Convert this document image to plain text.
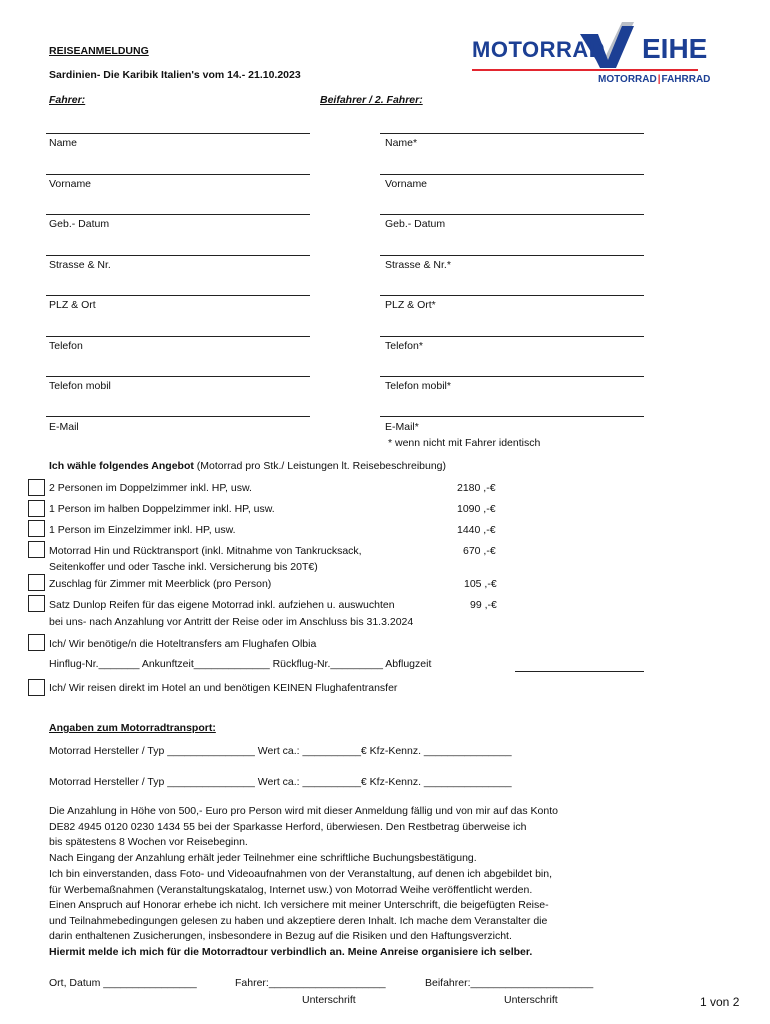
REISEANMELDUNG
Sardinien- Die Karibik Italien's vom 14.- 21.10.2023
Fahrer:	Beifahrer / 2. Fahrer:
MOTORRAD EIHE
MOTORRAD|FAHRRAD
Name
Vorname
Geb.- Datum
Strasse & Nr.
PLZ & Ort
Telefon
Telefon mobil
E-Mail
Name*
Vorname
Geb.- Datum
Strasse & Nr.*
PLZ & Ort*
Telefon*
Telefon mobil*
E-Mail*
* wenn nicht mit Fahrer identisch
Ich wähle folgendes Angebot (Motorrad pro Stk./ Leistungen lt. Reisebeschreibung)
2 Personen im Doppelzimmer inkl. HP, usw.	2180 ,-€
1 Person im halben Doppelzimmer inkl. HP, usw.	1090 ,-€
1 Person im Einzelzimmer inkl. HP, usw.	1440 ,-€
Motorrad Hin und Rücktransport (inkl. Mitnahme von Tankrucksack,	670 ,-€
Seitenkoffer und oder Tasche inkl. Versicherung bis 20T€)
Zuschlag für Zimmer mit Meerblick (pro Person)	105 ,-€
Satz Dunlop Reifen für das eigene Motorrad inkl. aufziehen u. auswuchten	99 ,-€
bei uns- nach Anzahlung vor Antritt der Reise oder im Anschluss bis 31.3.2024
Ich/ Wir benötige/n die Hoteltransfers am Flughafen Olbia
Hinflug-Nr._______ Ankunftzeit_____________ Rückflug-Nr._________ Abflugzeit
Ich/ Wir reisen direkt im Hotel an und benötigen KEINEN Flughafentransfer
Angaben zum Motorradtransport:
Motorrad Hersteller / Typ _______________ Wert ca.: __________€ Kfz-Kennz. _______________
Motorrad Hersteller / Typ _______________ Wert ca.: __________€ Kfz-Kennz. _______________
Die Anzahlung in Höhe von 500,- Euro pro Person wird mit dieser Anmeldung fällig und von mir auf das Konto
DE82 4945 0120 0230 1434 55 bei der Sparkasse Herford, überwiesen. Den Restbetrag überweise ich
bis spätestens 8 Wochen vor Reisebeginn.
Nach Eingang der Anzahlung erhält jeder Teilnehmer eine schriftliche Buchungsbestätigung.
Ich bin einverstanden, dass Foto- und Videoaufnahmen von der Veranstaltung, auf denen ich abgebildet bin,
für Werbemaßnahmen (Veranstaltungskatalog, Internet usw.) von Motorrad Weihe veröffentlicht werden.
Einen Anspruch auf Honorar erhebe ich nicht. Ich versichere mit meiner Unterschrift, die beigefügten Reise-
und Teilnahmebedingungen gelesen zu haben und akzeptiere deren Inhalt. Ich mache dem Veranstalter die
darin enthaltenen Zusicherungen, insbesondere in Bezug auf die Risiken und den Haftungsverzicht.
Hiermit melde ich mich für die Motorradtour verbindlich an. Meine Anreise organisiere ich selber.
Ort, Datum ________________	Fahrer:____________________	Beifahrer:_____________________
Unterschrift	Unterschrift	1 von 2
